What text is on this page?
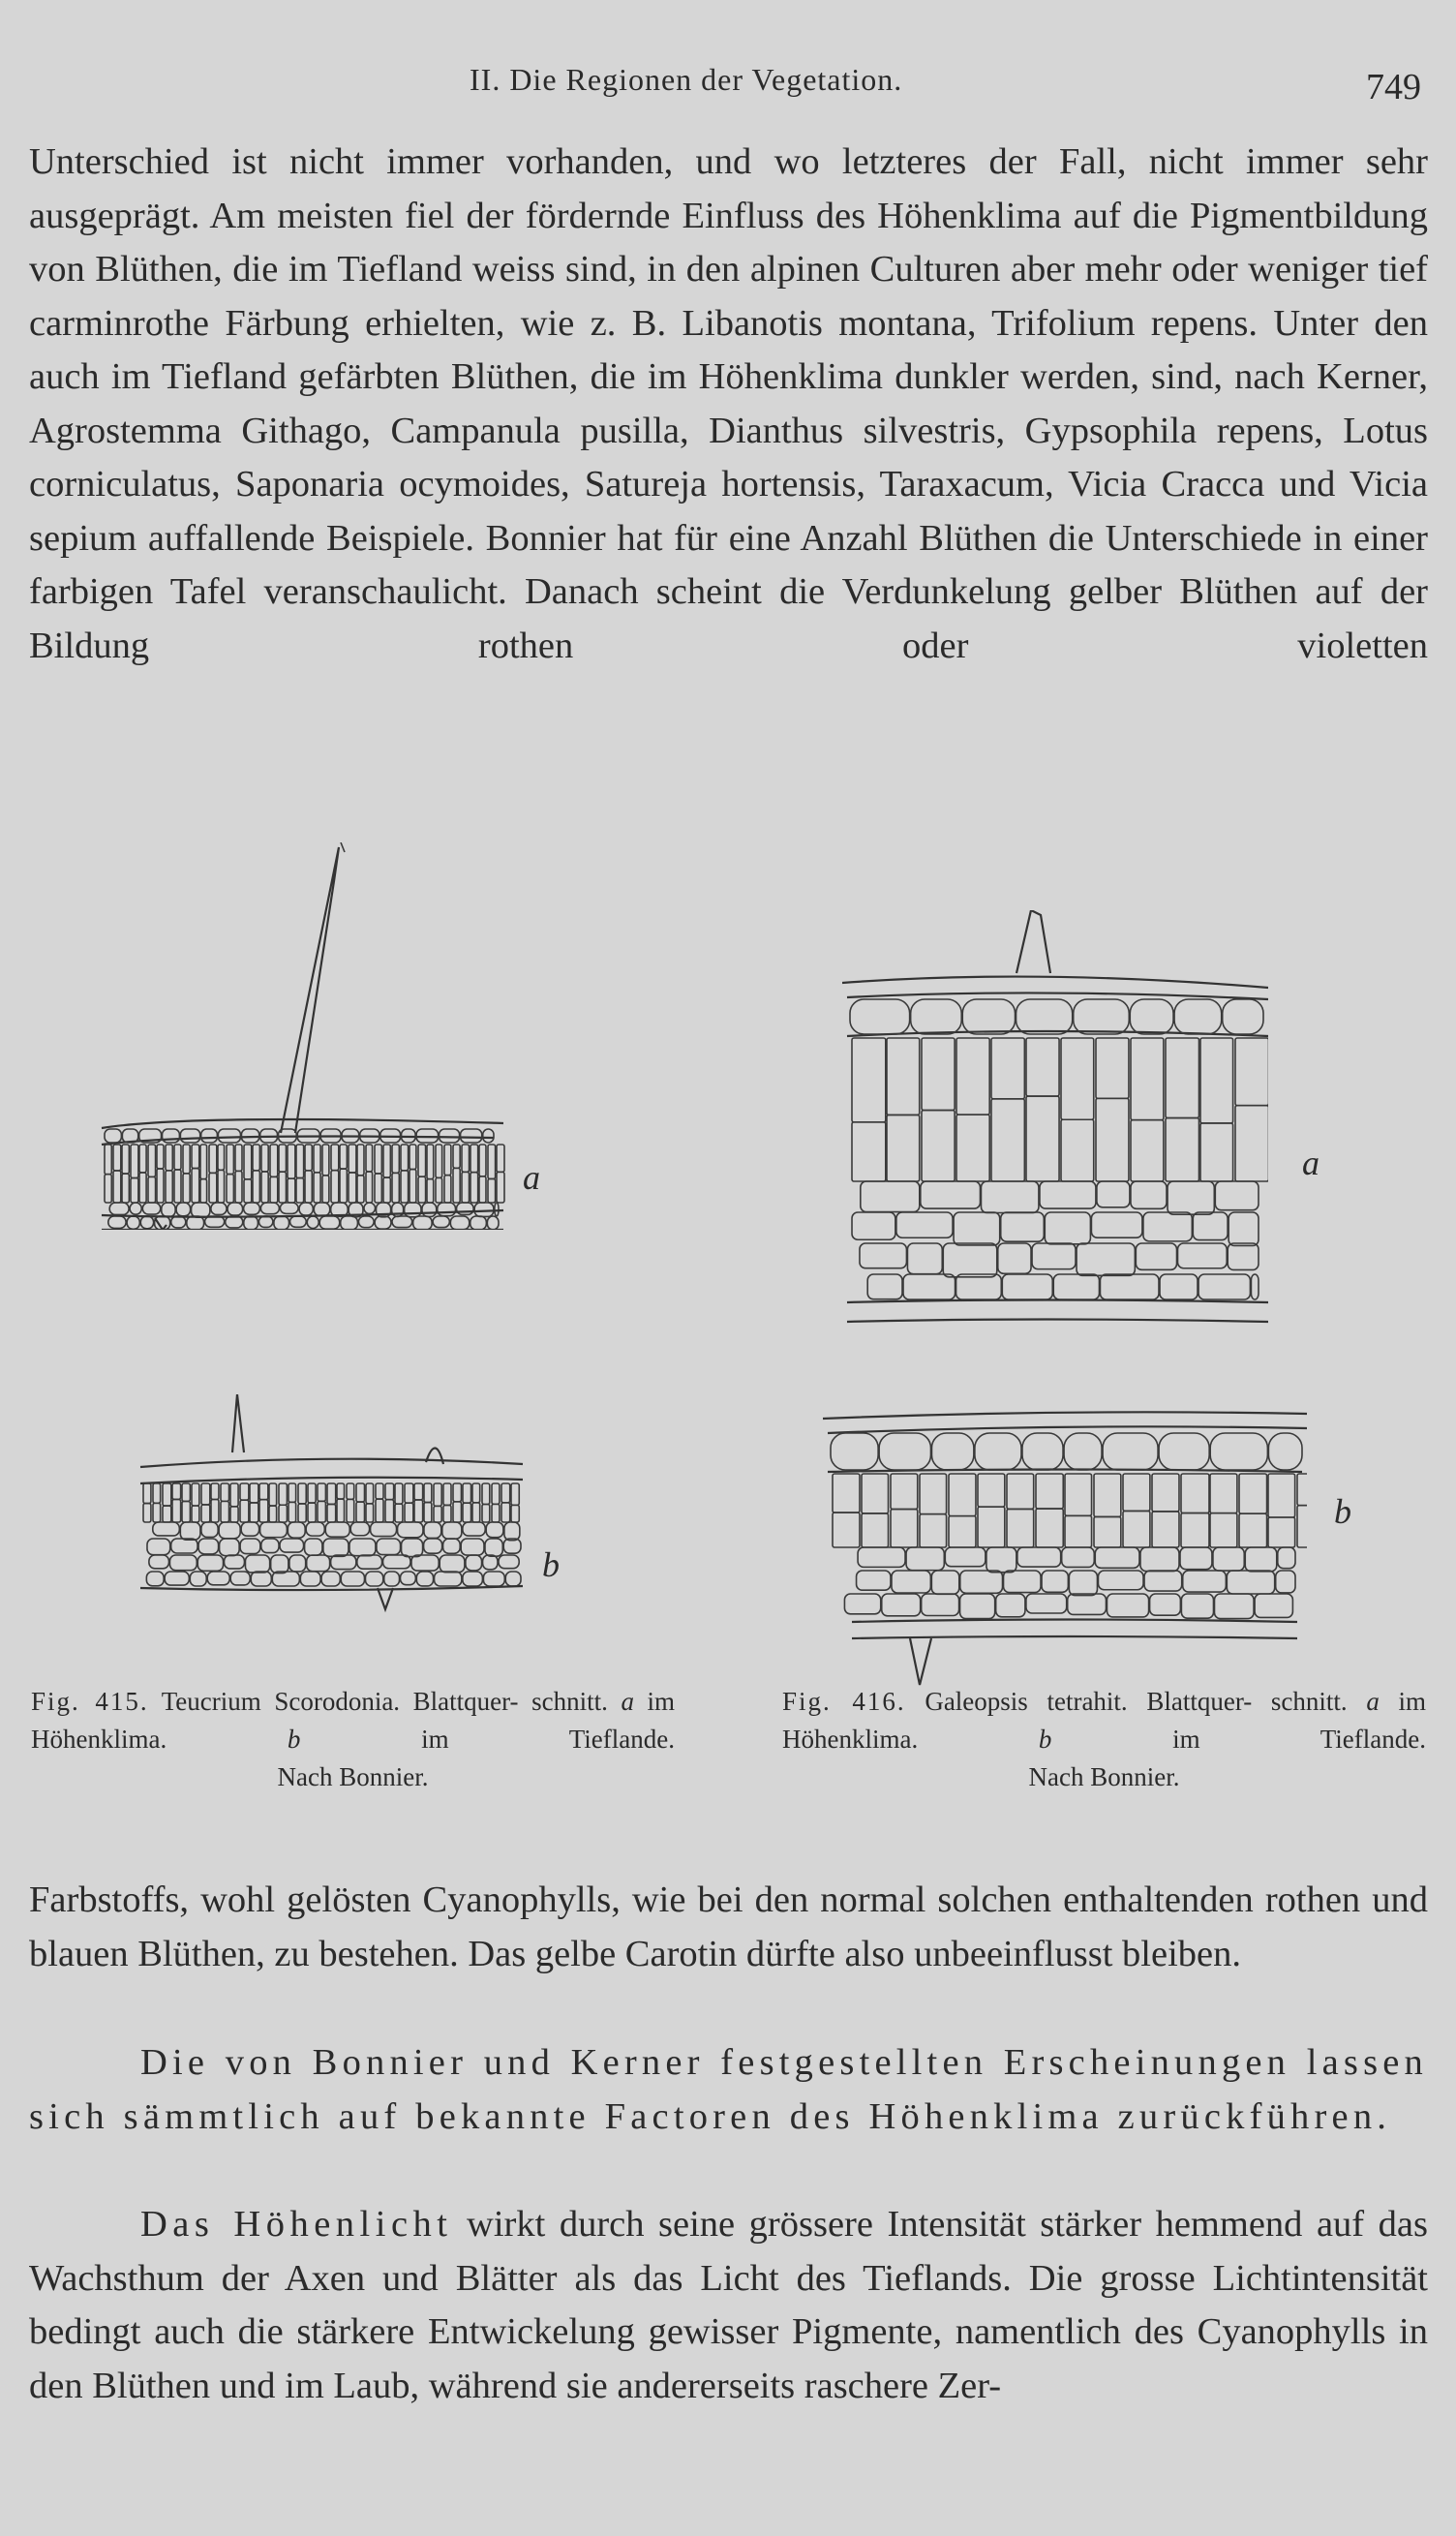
II. Die Regionen der Vegetation.	749

Unterschied ist nicht immer vorhanden, und wo letzteres der Fall, nicht immer sehr ausgeprägt. Am meisten fiel der fördernde Einfluss des Höhenklima auf die Pigmentbildung von Blüthen, die im Tiefland weiss sind, in den alpinen Culturen aber mehr oder weniger tief carminrothe Färbung erhielten, wie z. B. Libanotis montana, Trifolium repens. Unter den auch im Tiefland gefärbten Blüthen, die im Höhenklima dunkler werden, sind, nach Kerner, Agrostemma Githago, Campanula pusilla, Dianthus silvestris, Gypsophila repens, Lotus corniculatus, Saponaria ocymoides, Satureja hortensis, Taraxacum, Vicia Cracca und Vicia sepium auffallende Beispiele. Bonnier hat für eine Anzahl Blüthen die Unterschiede in einer farbigen Tafel veranschaulicht. Danach scheint die Verdunkelung gelber Blüthen auf der Bildung rothen oder violetten

a
b
a
b
Fig. 415. Teucrium Scorodonia. Blattquer- schnitt. a im Höhenklima.	b	im Tieflande.
Nach Bonnier.
Fig. 416. Galeopsis tetrahit. Blattquer- schnitt. a im Höhenklima.	b	im Tieflande.
Nach Bonnier.

Farbstoffs, wohl gelösten Cyanophylls, wie bei den normal solchen enthaltenden rothen und blauen Blüthen, zu bestehen. Das gelbe Carotin dürfte also unbeeinflusst bleiben.

Die von Bonnier und Kerner festgestellten Erscheinungen lassen sich sämmtlich auf bekannte Factoren des Höhenklima zurückführen.

Das Höhenlicht wirkt durch seine grössere Intensität stärker hemmend auf das Wachsthum der Axen und Blätter als das Licht des Tieflands. Die grosse Lichtintensität bedingt auch die stärkere Entwickelung gewisser Pigmente, namentlich des Cyanophylls in den Blüthen und im Laub, während sie andererseits raschere Zer-
